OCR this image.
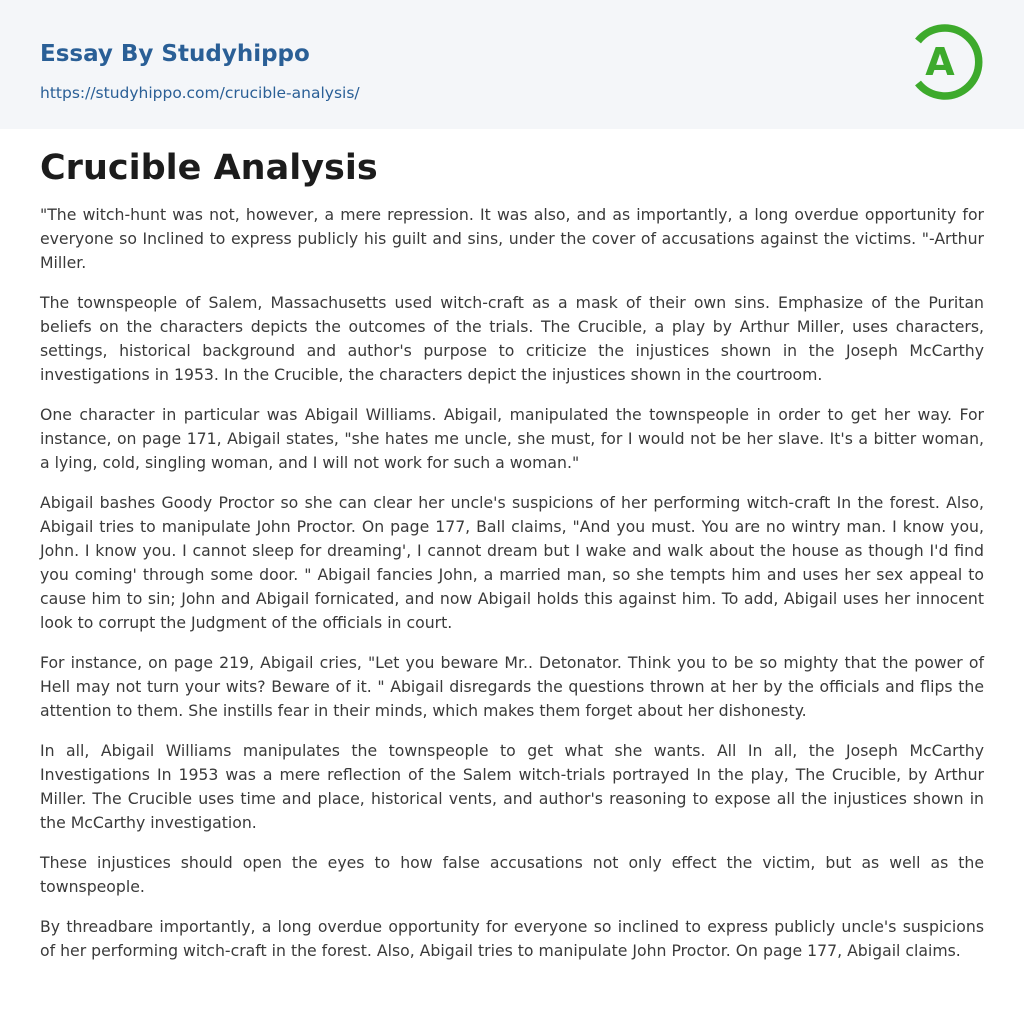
Essay By Studyhippo
https://studyhippo.com/crucible-analysis/
A
Crucible Analysis

"The witch-hunt was not, however, a mere repression. It was also, and as importantly, a long overdue opportunity for everyone so Inclined to express publicly his guilt and sins, under the cover of accusations against the victims. "-Arthur Miller.

The townspeople of Salem, Massachusetts used witch-craft as a mask of their own sins. Emphasize of the Puritan beliefs on the characters depicts the outcomes of the trials. The Crucible, a play by Arthur Miller, uses characters, settings, historical background and author's purpose to criticize the injustices shown in the Joseph McCarthy investigations in 1953. In the Crucible, the characters depict the injustices shown in the courtroom.

One character in particular was Abigail Williams. Abigail, manipulated the townspeople in order to get her way. For instance, on page 171, Abigail states, "she hates me uncle, she must, for I would not be her slave. It's a bitter woman, a lying, cold, singling woman, and I will not work for such a woman."

Abigail bashes Goody Proctor so she can clear her uncle's suspicions of her performing witch-craft In the forest. Also, Abigail tries to manipulate John Proctor. On page 177, Ball claims, "And you must. You are no wintry man. I know you, John. I know you. I cannot sleep for dreaming', I cannot dream but I wake and walk about the house as though I'd find you coming' through some door. " Abigail fancies John, a married man, so she tempts him and uses her sex appeal to cause him to sin; John and Abigail fornicated, and now Abigail holds this against him. To add, Abigail uses her innocent look to corrupt the Judgment of the officials in court.

For instance, on page 219, Abigail cries, "Let you beware Mr.. Detonator. Think you to be so mighty that the power of Hell may not turn your wits? Beware of it. " Abigail disregards the questions thrown at her by the officials and flips the attention to them. She instills fear in their minds, which makes them forget about her dishonesty.

In all, Abigail Williams manipulates the townspeople to get what she wants. All In all, the Joseph McCarthy Investigations In 1953 was a mere reflection of the Salem witch-trials portrayed In the play, The Crucible, by Arthur Miller. The Crucible uses time and place, historical vents, and author's reasoning to expose all the injustices shown in the McCarthy investigation.

These injustices should open the eyes to how false accusations not only effect the victim, but as well as the townspeople.

By threadbare importantly, a long overdue opportunity for everyone so inclined to express publicly uncle's suspicions of her performing witch-craft in the forest. Also, Abigail tries to manipulate John Proctor. On page 177, Abigail claims.
